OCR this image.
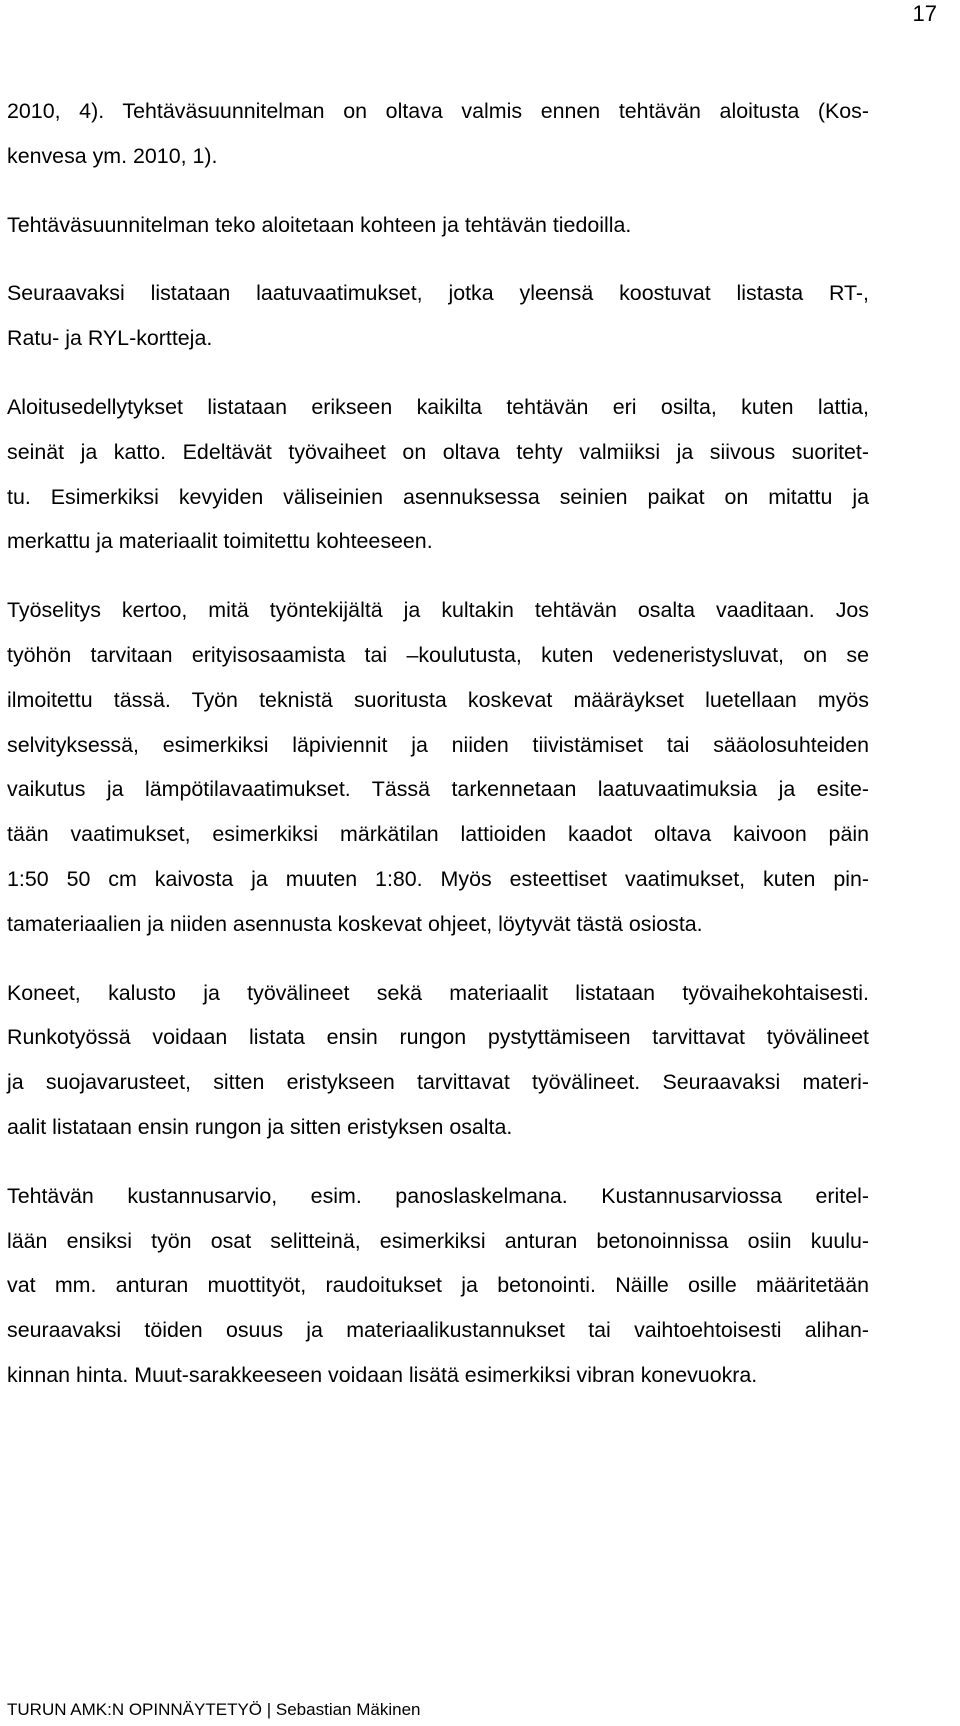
17

2010, 4). Tehtäväsuunnitelman on oltava valmis ennen tehtävän aloitusta (Kos-
kenvesa ym. 2010, 1).

Tehtäväsuunnitelman teko aloitetaan kohteen ja tehtävän tiedoilla.

Seuraavaksi listataan laatuvaatimukset, jotka yleensä koostuvat listasta RT-,
Ratu- ja RYL-kortteja.

Aloitusedellytykset listataan erikseen kaikilta tehtävän eri osilta, kuten lattia,
seinät ja katto. Edeltävät työvaiheet on oltava tehty valmiiksi ja siivous suoritet-
tu. Esimerkiksi kevyiden väliseinien asennuksessa seinien paikat on mitattu ja
merkattu ja materiaalit toimitettu kohteeseen.

Työselitys kertoo, mitä työntekijältä ja kultakin tehtävän osalta vaaditaan. Jos
työhön tarvitaan erityisosaamista tai –koulutusta, kuten vedeneristysluvat, on se
ilmoitettu tässä. Työn teknistä suoritusta koskevat määräykset luetellaan myös
selvityksessä, esimerkiksi läpiviennit ja niiden tiivistämiset tai sääolosuhteiden
vaikutus ja lämpötilavaatimukset. Tässä tarkennetaan laatuvaatimuksia ja esite-
tään vaatimukset, esimerkiksi märkätilan lattioiden kaadot oltava kaivoon päin
1:50 50 cm kaivosta ja muuten 1:80. Myös esteettiset vaatimukset, kuten pin-
tamateriaalien ja niiden asennusta koskevat ohjeet, löytyvät tästä osiosta.

Koneet, kalusto ja työvälineet sekä materiaalit listataan työvaihekohtaisesti.
Runkotyössä voidaan listata ensin rungon pystyttämiseen tarvittavat työvälineet
ja suojavarusteet, sitten eristykseen tarvittavat työvälineet. Seuraavaksi materi-
aalit listataan ensin rungon ja sitten eristyksen osalta.

Tehtävän kustannusarvio, esim. panoslaskelmana. Kustannusarviossa eritel-
lään ensiksi työn osat selitteinä, esimerkiksi anturan betonoinnissa osiin kuulu-
vat mm. anturan muottityöt, raudoitukset ja betonointi. Näille osille määritetään
seuraavaksi töiden osuus ja materiaalikustannukset tai vaihtoehtoisesti alihan-
kinnan hinta. Muut-sarakkeeseen voidaan lisätä esimerkiksi vibran konevuokra.

TURUN AMK:N OPINNÄYTETYÖ | Sebastian Mäkinen
